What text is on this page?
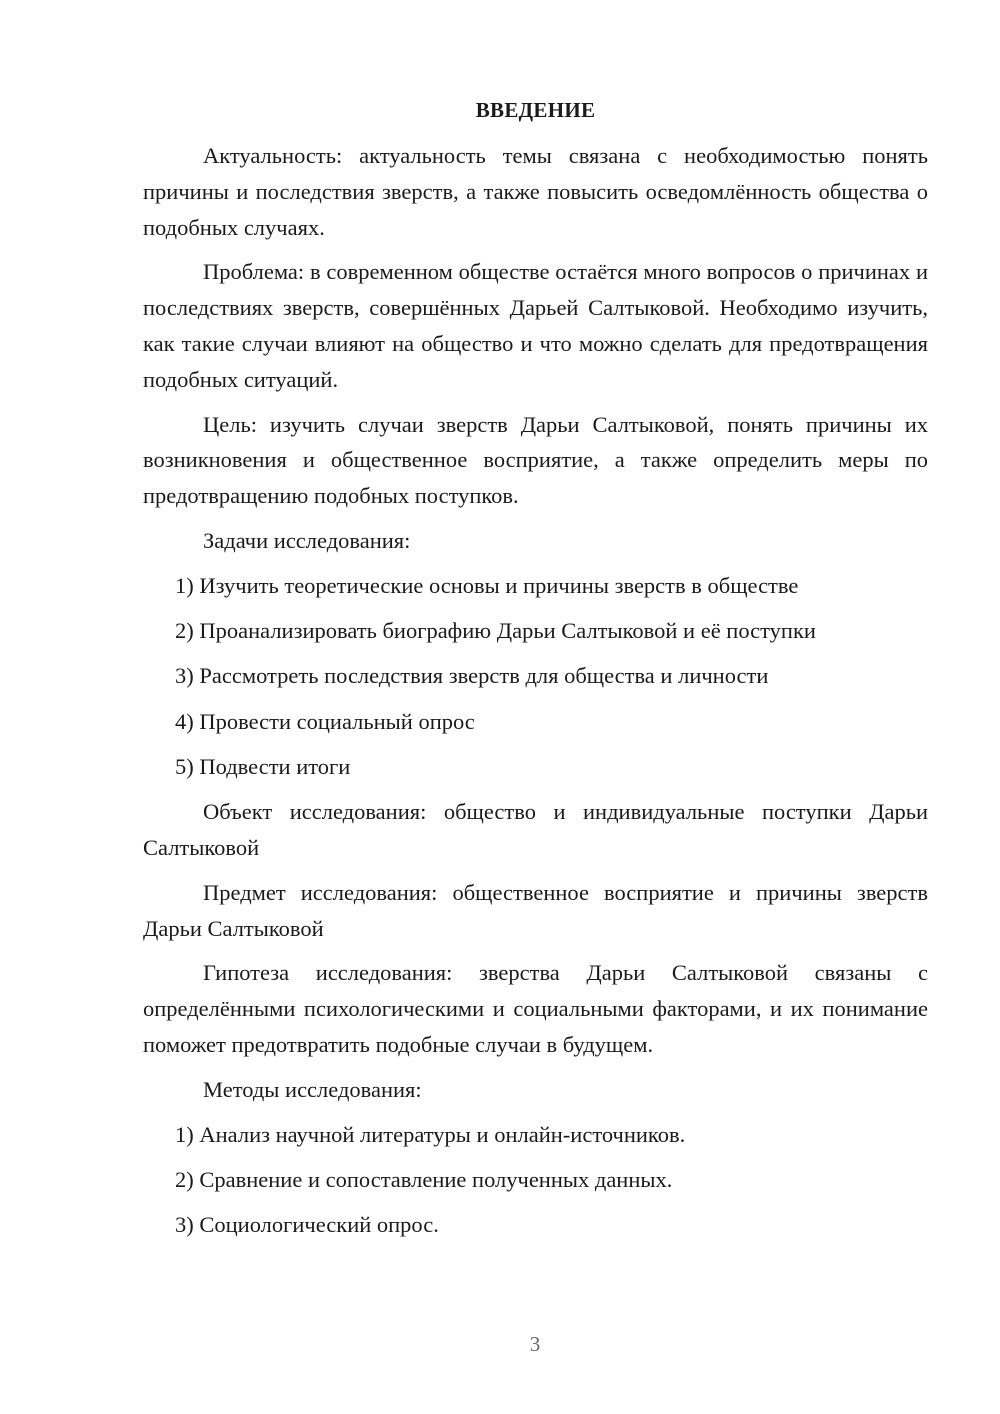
ВВЕДЕНИЕ

Актуальность: актуальность темы связана с необходимостью понять причины и последствия зверств, а также повысить осведомлённость общества о подобных случаях.

Проблема: в современном обществе остаётся много вопросов о причинах и последствиях зверств, совершённых Дарьей Салтыковой. Необходимо изучить, как такие случаи влияют на общество и что можно сделать для предотвращения подобных ситуаций.

Цель: изучить случаи зверств Дарьи Салтыковой, понять причины их возникновения и общественное восприятие, а также определить меры по предотвращению подобных поступков.

Задачи исследования:

1) Изучить теоретические основы и причины зверств в обществе
2) Проанализировать биографию Дарьи Салтыковой и её поступки
3) Рассмотреть последствия зверств для общества и личности
4) Провести социальный опрос
5) Подвести итоги

Объект исследования: общество и индивидуальные поступки Дарьи Салтыковой

Предмет исследования: общественное восприятие и причины зверств Дарьи Салтыковой

Гипотеза исследования: зверства Дарьи Салтыковой связаны с определёнными психологическими и социальными факторами, и их понимание поможет предотвратить подобные случаи в будущем.

Методы исследования:

1) Анализ научной литературы и онлайн-источников.
2) Сравнение и сопоставление полученных данных.
3) Социологический опрос.
3
